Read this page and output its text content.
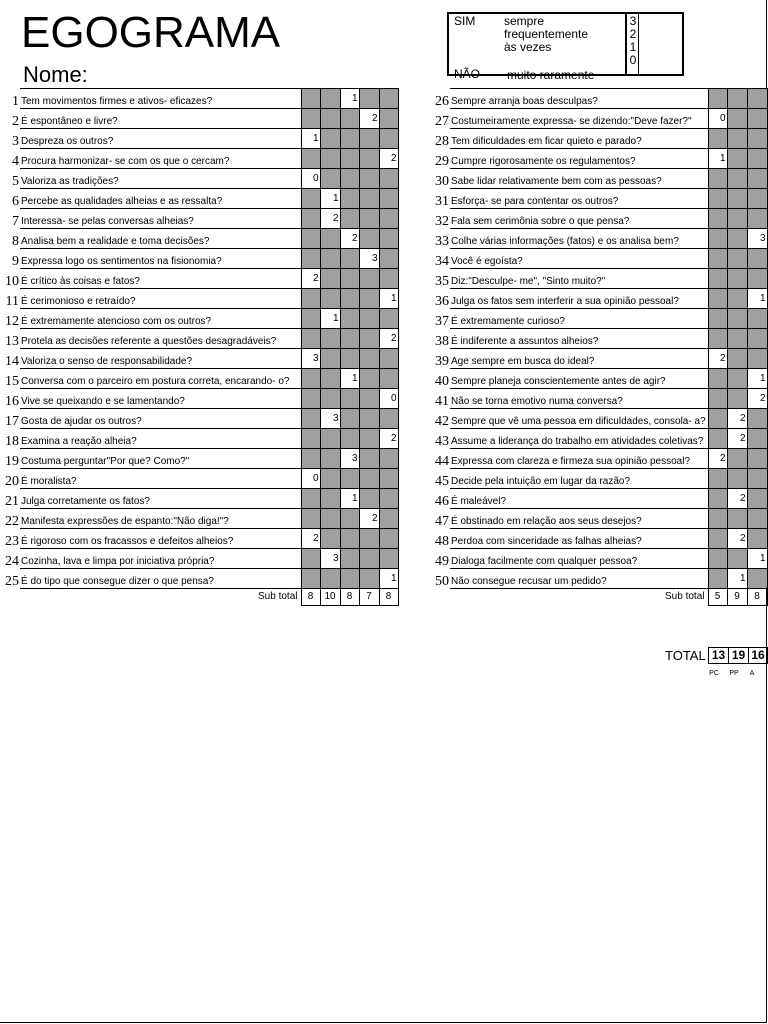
EGOGRAMA
Nome:
SIM sempre
frequentemente
às vezes
NÃO muito raramente
3
2
1
0
1	Tem movimentos firmes e ativos- eficazes?			1		
2	É espontâneo e livre?				2	
3	Despreza os outros?	1				
4	Procura harmonizar- se com os que o cercam?					2
5	Valoriza as tradições?	0				
6	Percebe as qualidades alheias e as ressalta?		1			
7	Interessa- se pelas conversas alheias?		2			
8	Analisa bem a realidade e toma decisões?			2		
9	Expressa logo os sentimentos na fisionomia?				3	
10	É crítico às coisas e fatos?	2				
11	É cerimonioso e retraído?					1
12	É extremamente atencioso com os outros?		1			
13	Protela as decisões referente a questões desagradáveis?					2
14	Valoriza o senso de responsabilidade?	3				
15	Conversa com o parceiro em postura correta, encarando- o?			1		
16	Vive se queixando e se lamentando?					0
17	Gosta de ajudar os outros?		3			
18	Examina a reação alheia?					2
19	Costuma perguntar"Por que? Como?"			3		
20	É moralista?	0				
21	Julga corretamente os fatos?			1		
22	Manifesta expressões de espanto:"Não diga!"?				2	
23	É rigoroso com os fracassos e defeitos alheios?	2				
24	Cozinha, lava e limpa por iniciativa própria?		3			
25	É do tipo que consegue dizer o que pensa?					1
	Sub total	8	10	8	7	8
26	Sempre arranja boas desculpas?			
27	Costumeiramente expressa- se dizendo:"Deve fazer?"	0		
28	Tem dificuldades em ficar quieto e parado?			
29	Cumpre rigorosamente os regulamentos?	1		
30	Sabe lidar relativamente bem com as pessoas?			
31	Esforça- se para contentar os outros?			
32	Fala sem cerimônia sobre o que pensa?			
33	Colhe várias informações (fatos) e os analisa bem?			3
34	Você é egoísta?			
35	Diz:"Desculpe- me", "Sinto muito?"			
36	Julga os fatos sem interferir a sua opinião pessoal?			1
37	É extremamente curioso?			
38	É indiferente a assuntos alheios?			
39	Age sempre em busca do ideal?	2		
40	Sempre planeja conscientemente antes de agir?			1
41	Não se torna emotivo numa conversa?			2
42	Sempre que vê uma pessoa em dificuldades, consola- a?		2	
43	Assume a liderança do trabalho em atividades coletivas?		2	
44	Expressa com clareza e firmeza sua opinião pessoal?	2		
45	Decide pela intuição em lugar da razão?			
46	É maleável?		2	
47	É obstinado em relação aos seus desejos?			
48	Perdoa com sinceridade as falhas alheias?		2	
49	Dialoga facilmente com qualquer pessoa?			1
50	Não consegue recusar um pedido?		1	
	Sub total	5	9	8
TOTAL 13 19 16
PC	PP	A
